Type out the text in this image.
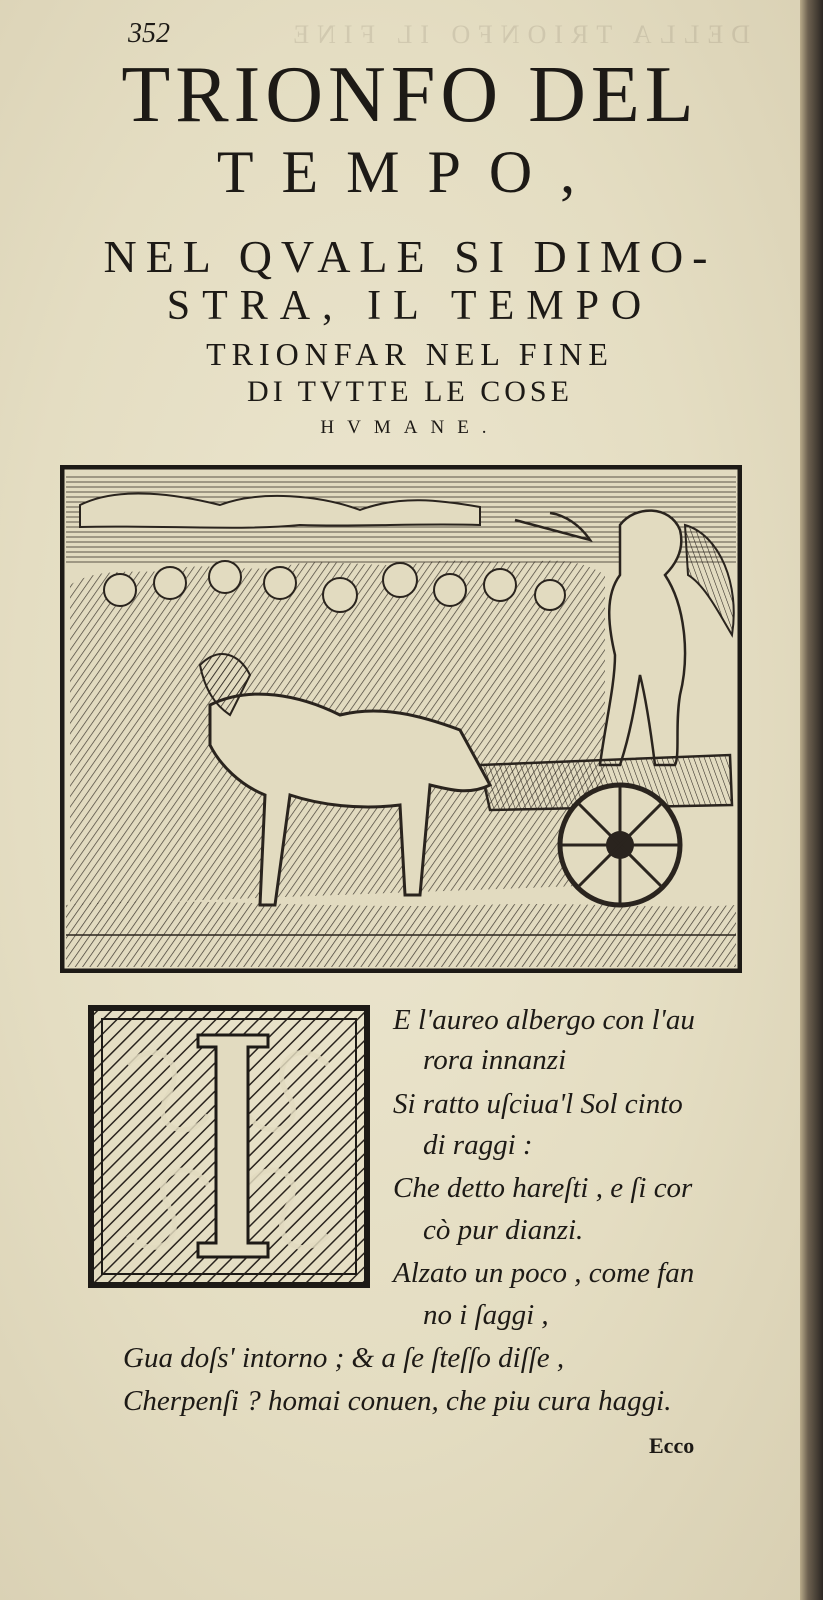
DELLA TRIONFO IL FINE
352
TRIONFO DEL
TEMPO,
NEL QVALE SI DIMO-
STRA, IL TEMPO
TRIONFAR NEL FINE
DI TVTTE LE COSE
HVMANE.
E l'aureo albergo con l'au
rora innanzi
Si ratto uſciua'l Sol cinto
di raggi :
Che detto hareſti , e ſi cor
cò pur dianzi.
Alzato un poco , come fan
no i ſaggi ,
Gua doſs' intorno ; & a ſe ſteſſo diſſe ,
Cherpenſi ? homai conuen, che piu cura haggi.
Ecco
